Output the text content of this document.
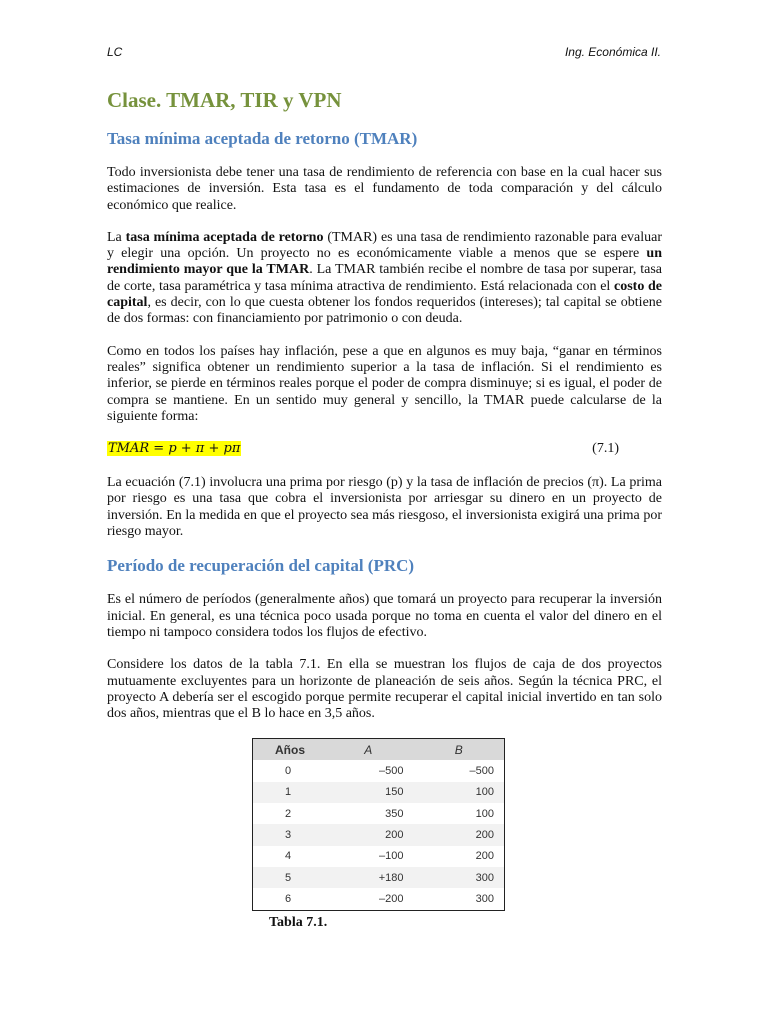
LC	Ing. Económica II.
Clase. TMAR, TIR y VPN
Tasa mínima aceptada de retorno (TMAR)

Todo inversionista debe tener una tasa de rendimiento de referencia con base en la cual hacer sus estimaciones de inversión. Esta tasa es el fundamento de toda comparación y del cálculo económico que realice.

La tasa mínima aceptada de retorno (TMAR) es una tasa de rendimiento razonable para evaluar y elegir una opción. Un proyecto no es económicamente viable a menos que se espere un rendimiento mayor que la TMAR. La TMAR también recibe el nombre de tasa por superar, tasa de corte, tasa paramétrica y tasa mínima atractiva de rendimiento. Está relacionada con el costo de capital, es decir, con lo que cuesta obtener los fondos requeridos (intereses); tal capital se obtiene de dos formas: con financiamiento por patrimonio o con deuda.

Como en todos los países hay inflación, pese a que en algunos es muy baja, “ganar en términos reales” significa obtener un rendimiento superior a la tasa de inflación. Si el rendimiento es inferior, se pierde en términos reales porque el poder de compra disminuye; si es igual, el poder de compra se mantiene. En un sentido muy general y sencillo, la TMAR puede calcularse de la siguiente forma:

TMAR = p + π + pπ	(7.1)

La ecuación (7.1) involucra una prima por riesgo (p) y la tasa de inflación de precios (π). La prima por riesgo es una tasa que cobra el inversionista por arriesgar su dinero en un proyecto de inversión. En la medida en que el proyecto sea más riesgoso, el inversionista exigirá una prima por riesgo mayor.

Período de recuperación del capital (PRC)

Es el número de períodos (generalmente años) que tomará un proyecto para recuperar la inversión inicial. En general, es una técnica poco usada porque no toma en cuenta el valor del dinero en el tiempo ni tampoco considera todos los flujos de efectivo.

Considere los datos de la tabla 7.1. En ella se muestran los flujos de caja de dos proyectos mutuamente excluyentes para un horizonte de planeación de seis años. Según la técnica PRC, el proyecto A debería ser el escogido porque permite recuperar el capital inicial invertido en tan solo dos años, mientras que el B lo hace en 3,5 años.

Años	A	B
0	–500	–500
1	150	100
2	350	100
3	200	200
4	–100	200
5	+180	300
6	–200	300
Tabla 7.1.
